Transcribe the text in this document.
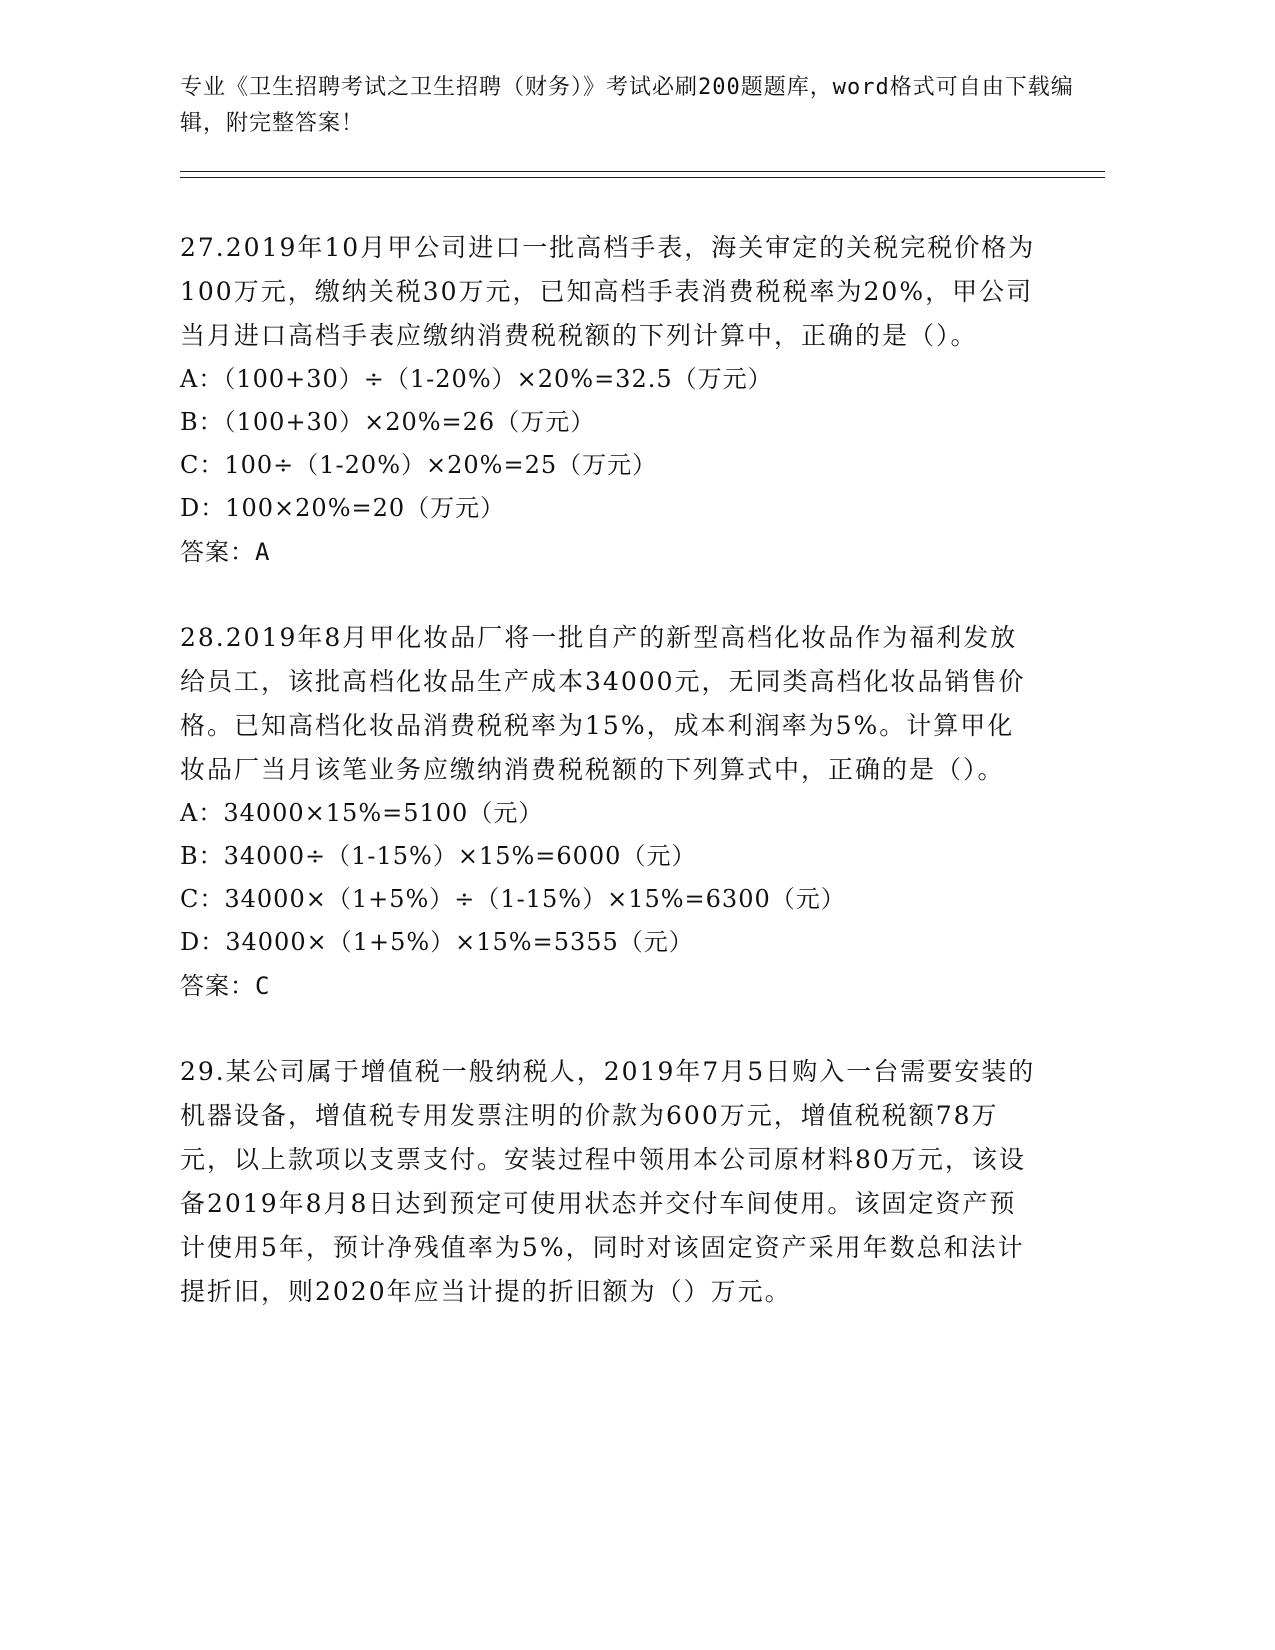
专业《卫生招聘考试之卫生招聘（财务）》考试必刷200题题库，word格式可自由下载编辑，附完整答案！
27.2019年10月甲公司进口一批高档手表，海关审定的关税完税价格为100万元，缴纳关税30万元，已知高档手表消费税税率为20%，甲公司当月进口高档手表应缴纳消费税税额的下列计算中，正确的是（）。
A：（100+30）÷（1-20%）×20%=32.5（万元）
B：（100+30）×20%=26（万元）
C：100÷（1-20%）×20%=25（万元）
D：100×20%=20（万元）
答案：A
28.2019年8月甲化妆品厂将一批自产的新型高档化妆品作为福利发放给员工，该批高档化妆品生产成本34000元，无同类高档化妆品销售价格。已知高档化妆品消费税税率为15%，成本利润率为5%。计算甲化妆品厂当月该笔业务应缴纳消费税税额的下列算式中，正确的是（）。
A：34000×15%=5100（元）
B：34000÷（1-15%）×15%=6000（元）
C：34000×（1+5%）÷（1-15%）×15%=6300（元）
D：34000×（1+5%）×15%=5355（元）
答案：C
29.某公司属于增值税一般纳税人，2019年7月5日购入一台需要安装的机器设备，增值税专用发票注明的价款为600万元，增值税税额78万元，以上款项以支票支付。安装过程中领用本公司原材料80万元，该设备2019年8月8日达到预定可使用状态并交付车间使用。该固定资产预计使用5年，预计净残值率为5%，同时对该固定资产采用年数总和法计提折旧，则2020年应当计提的折旧额为（）万元。
